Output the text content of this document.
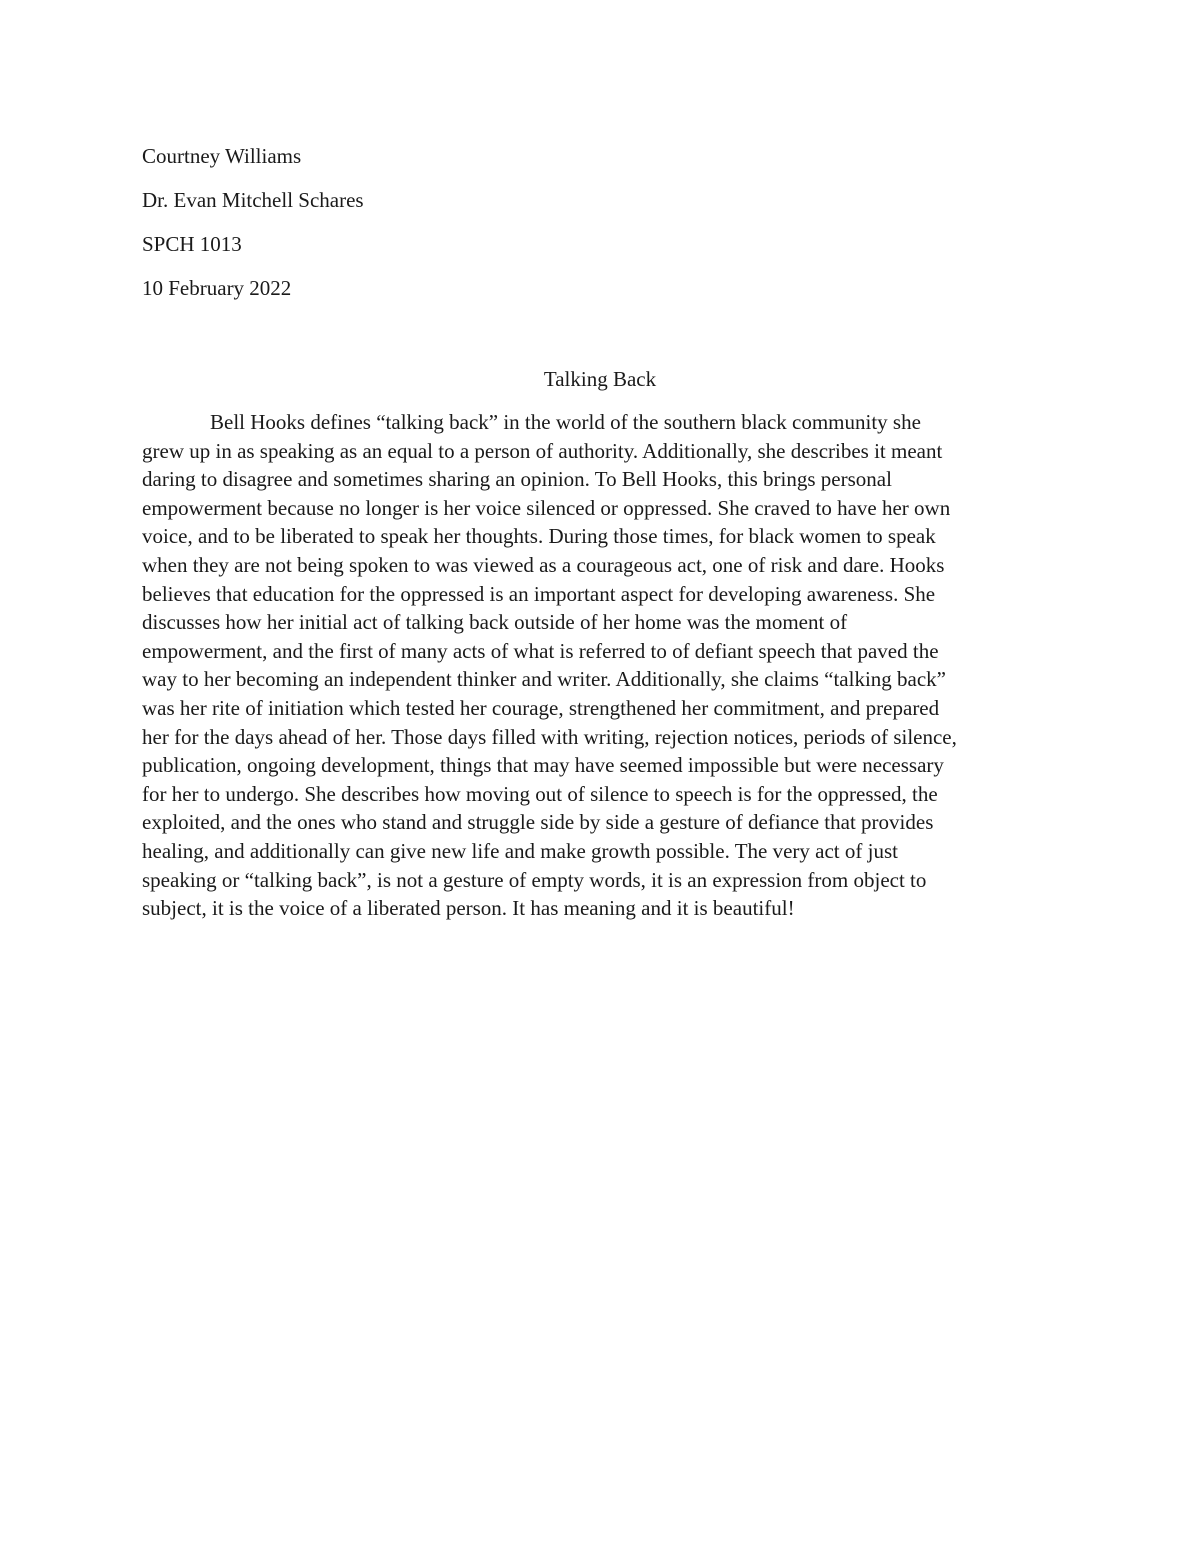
Courtney Williams
Dr. Evan Mitchell Schares
SPCH 1013
10 February 2022
Talking Back
Bell Hooks defines “talking back” in the world of the southern black community she
grew up in as speaking as an equal to a person of authority. Additionally, she describes it meant
daring to disagree and sometimes sharing an opinion. To Bell Hooks, this brings personal
empowerment because no longer is her voice silenced or oppressed. She craved to have her own
voice, and to be liberated to speak her thoughts. During those times, for black women to speak
when they are not being spoken to was viewed as a courageous act, one of risk and dare. Hooks
believes that education for the oppressed is an important aspect for developing awareness. She
discusses how her initial act of talking back outside of her home was the moment of
empowerment, and the first of many acts of what is referred to of defiant speech that paved the
way to her becoming an independent thinker and writer. Additionally, she claims “talking back”
was her rite of initiation which tested her courage, strengthened her commitment, and prepared
her for the days ahead of her. Those days filled with writing, rejection notices, periods of silence,
publication, ongoing development, things that may have seemed impossible but were necessary
for her to undergo. She describes how moving out of silence to speech is for the oppressed, the
exploited, and the ones who stand and struggle side by side a gesture of defiance that provides
healing, and additionally can give new life and make growth possible. The very act of just
speaking or “talking back”, is not a gesture of empty words, it is an expression from object to
subject, it is the voice of a liberated person. It has meaning and it is beautiful!
